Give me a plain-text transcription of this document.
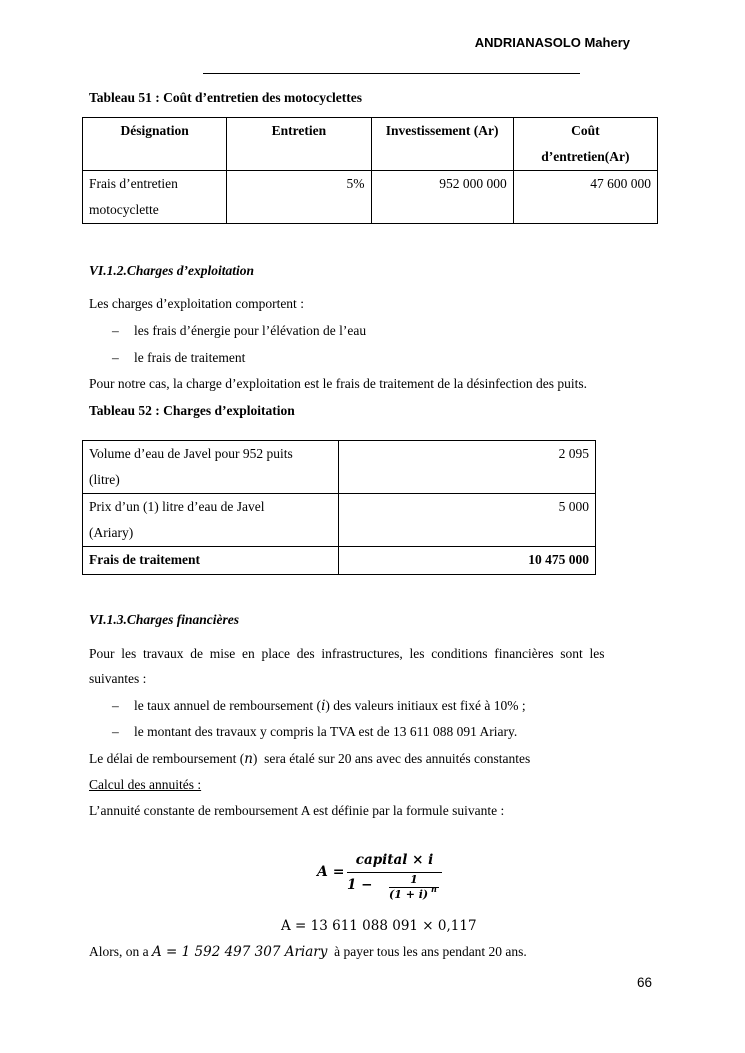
ANDRIANASOLO Mahery
Tableau 51 : Coût d’entretien des motocyclettes
Désignation	Entretien	Investissement (Ar)	Coût
d’entretien(Ar)
Frais d’entretien
motocyclette	5%	952 000 000	47 600 000
VI.1.2.Charges d’exploitation
Les charges d’exploitation comportent :
– les frais d’énergie pour l’élévation de l’eau
– le frais de traitement
Pour notre cas, la charge d’exploitation est le frais de traitement de la désinfection des puits.
Tableau 52 : Charges d’exploitation
Volume d’eau de Javel pour 952 puits
(litre)	2 095
Prix d’un (1) litre d’eau de Javel
(Ariary)	5 000
Frais de traitement	10 475 000
VI.1.3.Charges financières
Pour  les  travaux  de  mise  en  place  des  infrastructures,  les  conditions  financières  sont  les
suivantes :
– le taux annuel de remboursement (i) des valeurs initiaux est fixé à 10% ;
– le montant des travaux y compris la TVA est de 13 611 088 091 Ariary.
Le délai de remboursement (n)  sera étalé sur 20 ans avec des annuités constantes
Calcul des annuités :
L’annuité constante de remboursement A est définie par la formule suivante :
A =
capital × i
1 −	1
(1 + i) n
A = 13 611 088 091 × 0,117
Alors, on a A = 1 592 497 307 Ariary  à payer tous les ans pendant 20 ans.
66
